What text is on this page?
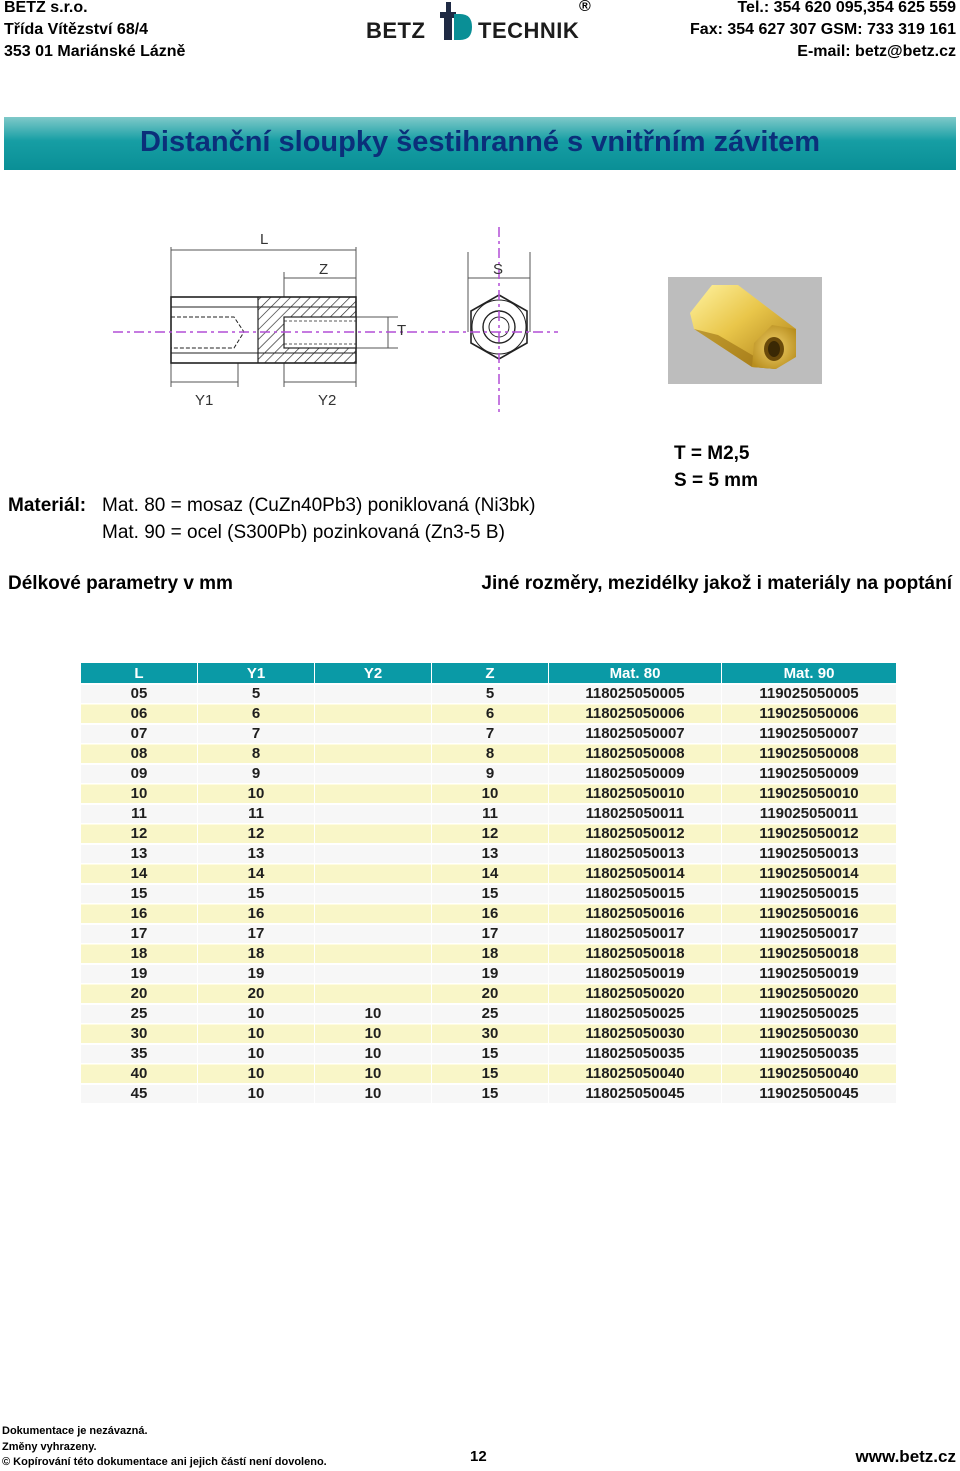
BETZ s.r.o.
Třída Vítězství 68/4
353 01 Mariánské Lázně
BETZ TECHNIK
®	Tel.: 354 620 095,354 625 559
Fax: 354 627 307 GSM: 733 319 161
E-mail: betz@betz.cz
Distanční sloupky šestihranné s vnitřním závitem
L
Z	S
T
Y1	Y2
T = M2,5
S = 5 mm
Materiál: Mat. 80 = mosaz (CuZn40Pb3) poniklovaná (Ni3bk)
Mat. 90 = ocel (S300Pb) pozinkovaná (Zn3-5 B)
Délkové parametry v mm	Jiné rozměry, mezidélky jakož i materiály na poptání
L	Y1	Y2	Z	Mat. 80	Mat. 90
05	5		5	118025050005	119025050005
06	6		6	118025050006	119025050006
07	7		7	118025050007	119025050007
08	8		8	118025050008	119025050008
09	9		9	118025050009	119025050009
10	10		10	118025050010	119025050010
11	11		11	118025050011	119025050011
12	12		12	118025050012	119025050012
13	13		13	118025050013	119025050013
14	14		14	118025050014	119025050014
15	15		15	118025050015	119025050015
16	16		16	118025050016	119025050016
17	17		17	118025050017	119025050017
18	18		18	118025050018	119025050018
19	19		19	118025050019	119025050019
20	20		20	118025050020	119025050020
25	10	10	25	118025050025	119025050025
30	10	10	30	118025050030	119025050030
35	10	10	15	118025050035	119025050035
40	10	10	15	118025050040	119025050040
45	10	10	15	118025050045	119025050045
Dokumentace je nezávazná.
Změny vyhrazeny.
© Kopírování této dokumentace ani jejich částí není dovoleno.	12	www.betz.cz
